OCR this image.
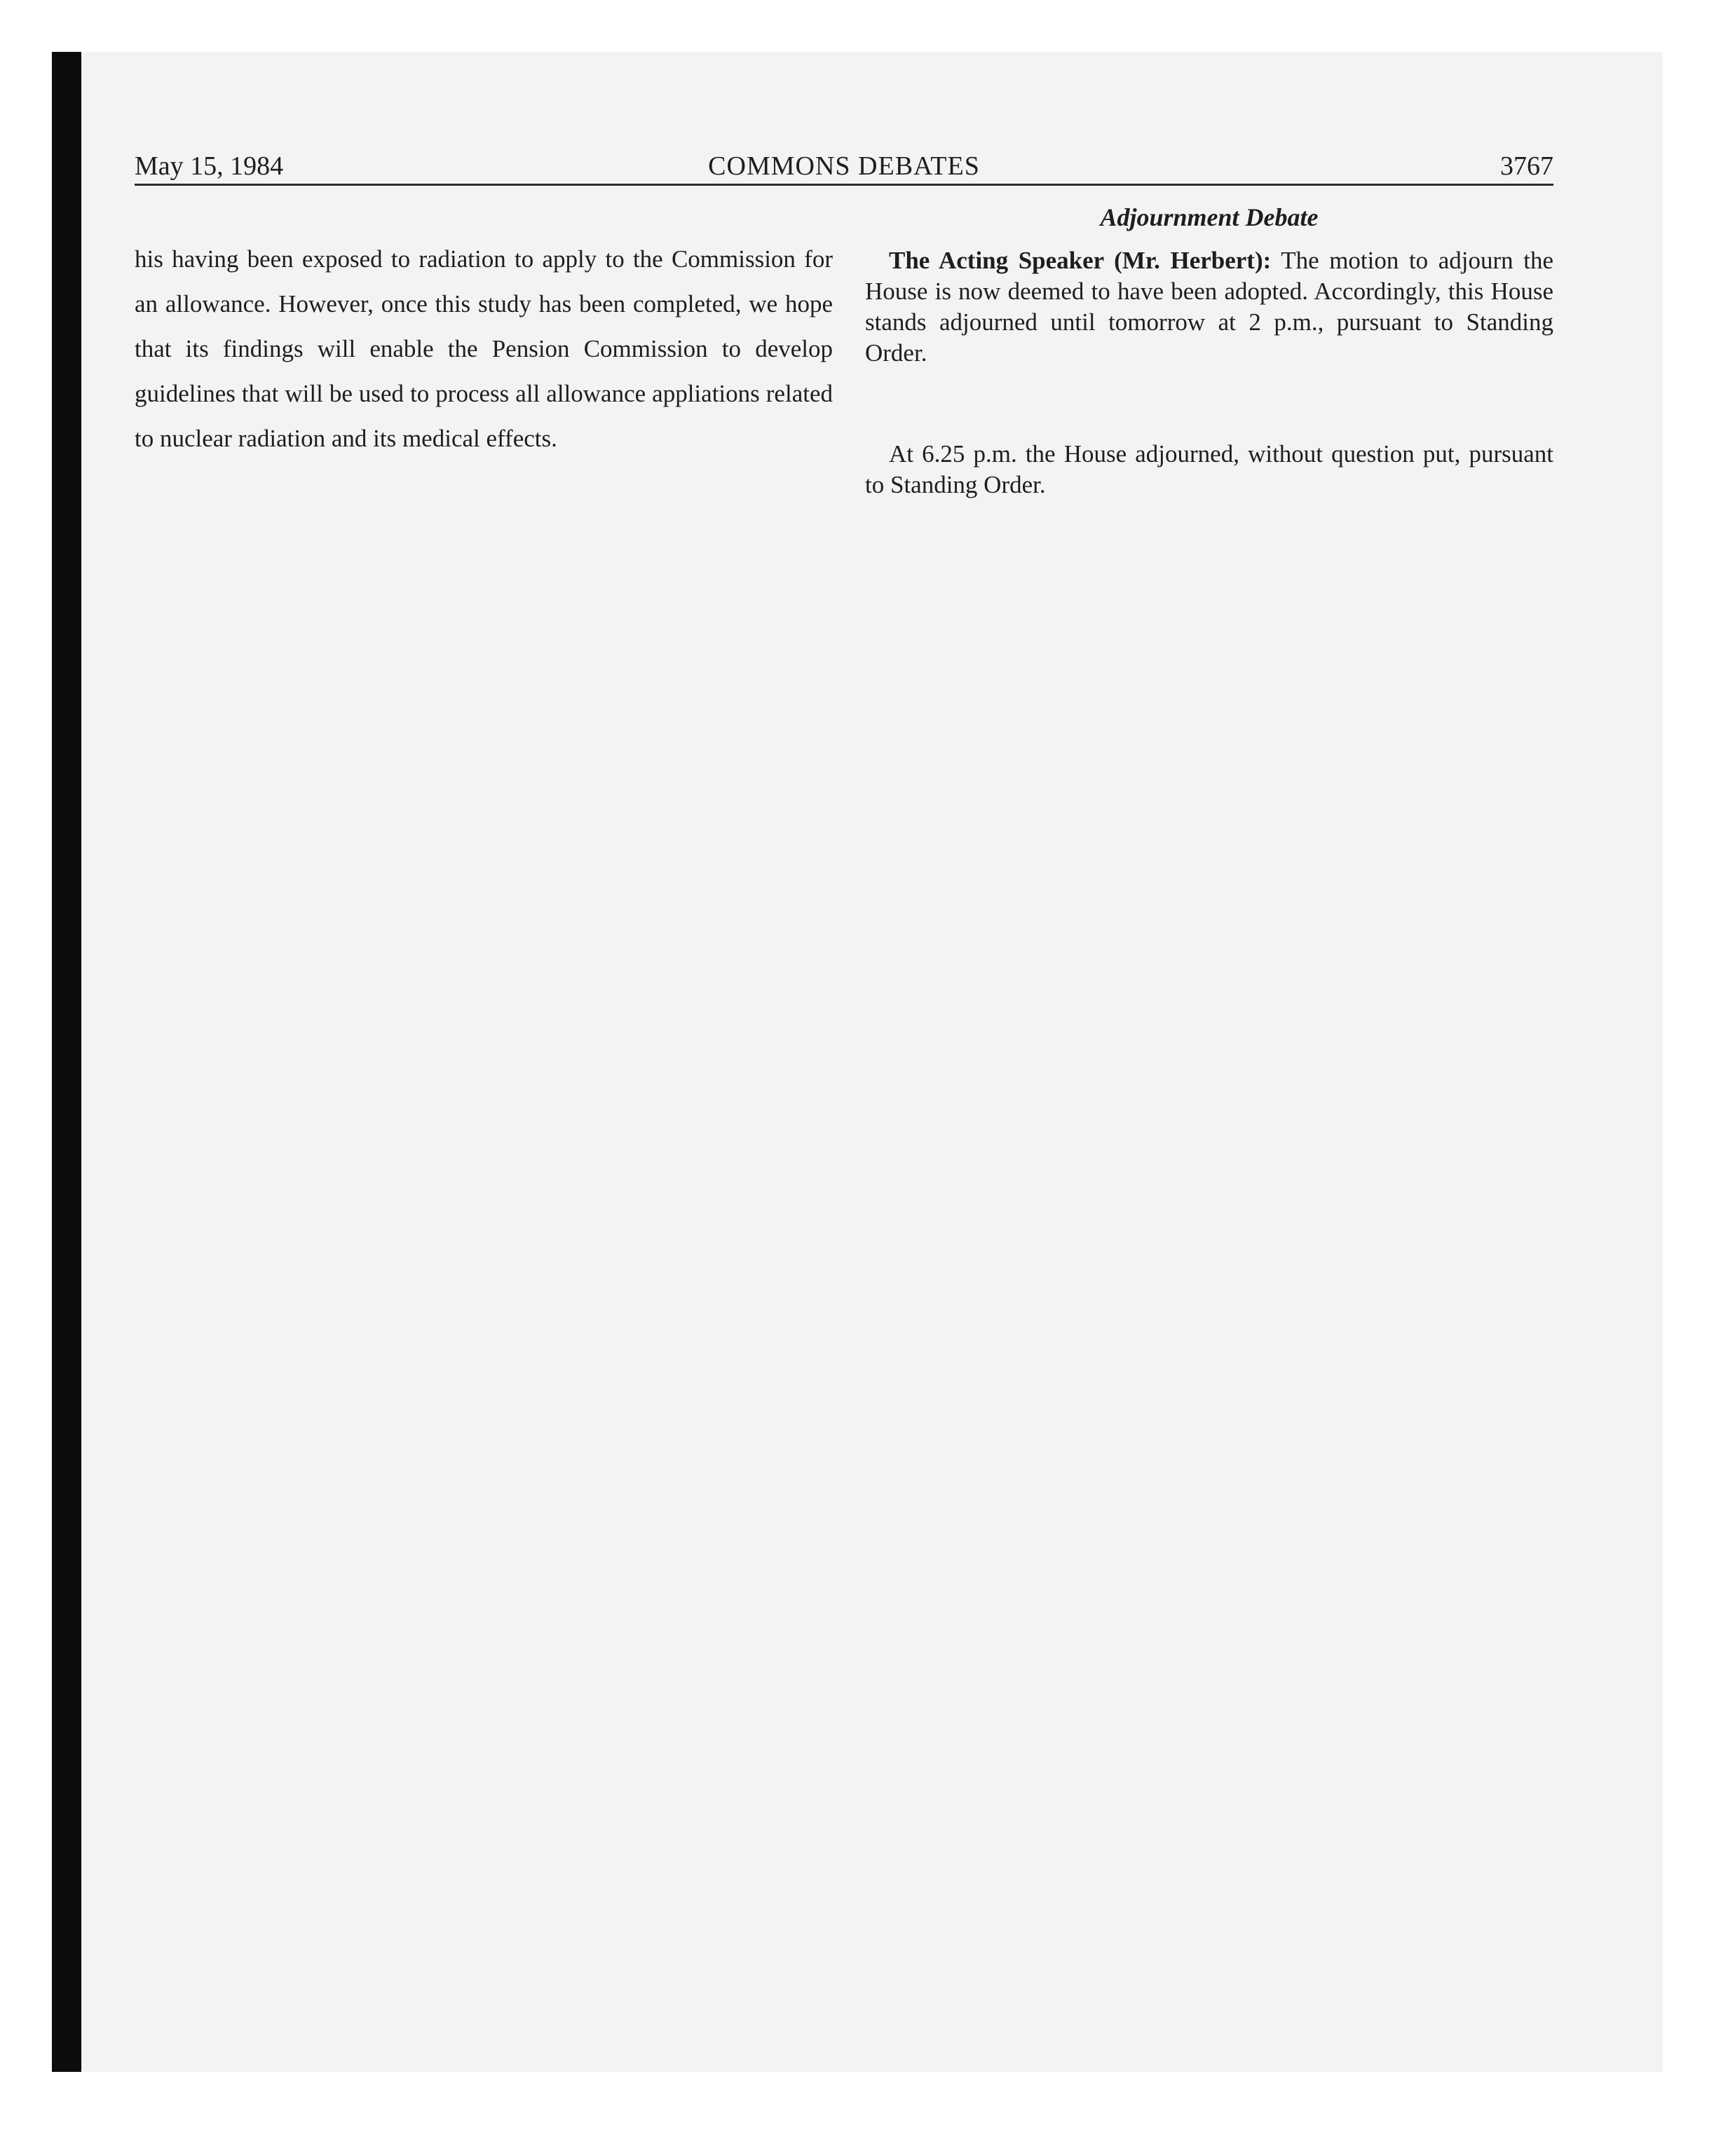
May 15, 1984	COMMONS DEBATES	3767

his having been exposed to radiation to apply to the Commission for an allowance. However, once this study has been completed, we hope that its findings will enable the Pension Commission to develop guidelines that will be used to process all allowance appliations related to nuclear radiation and its medical effects.

Adjournment Debate

The Acting Speaker (Mr. Herbert): The motion to adjourn the House is now deemed to have been adopted. Accordingly, this House stands adjourned until tomorrow at 2 p.m., pursuant to Standing Order.

At 6.25 p.m. the House adjourned, without question put, pursuant to Standing Order.
